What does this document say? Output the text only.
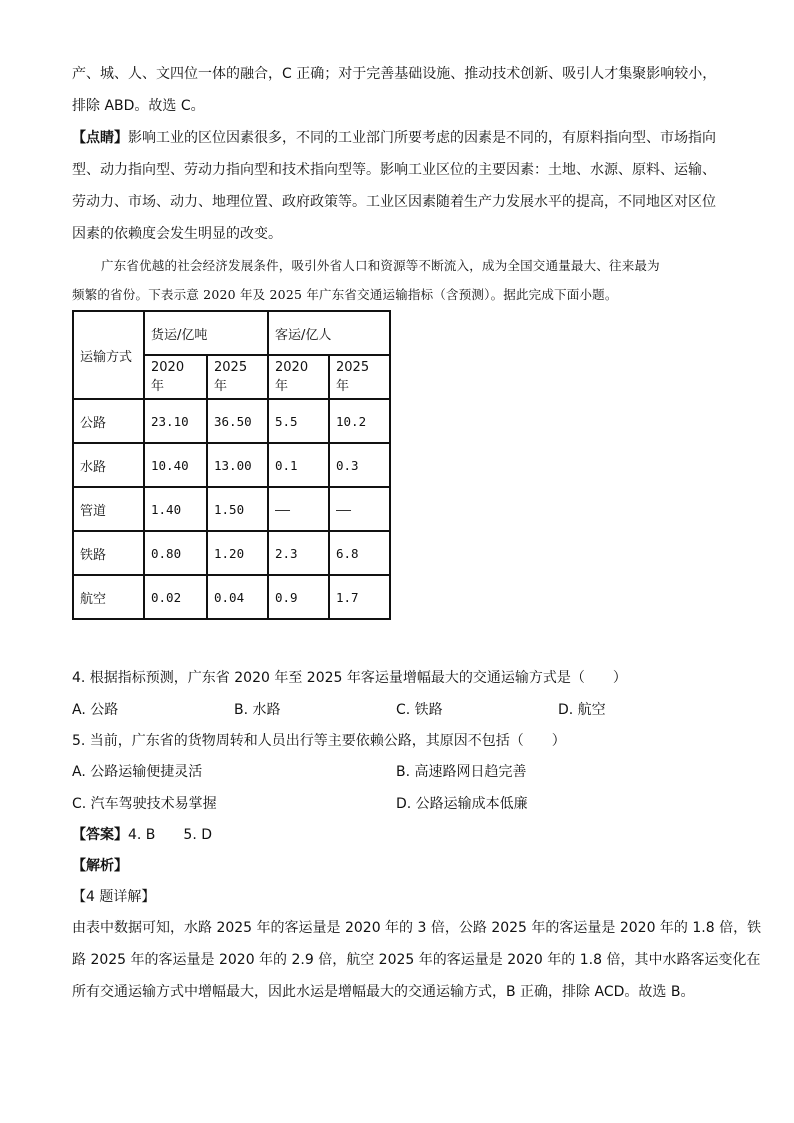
产、城、人、文四位一体的融合，C 正确；对于完善基础设施、推动技术创新、吸引人才集聚影响较小，
排除 ABD。故选 C。
【点睛】影响工业的区位因素很多，不同的工业部门所要考虑的因素是不同的，有原料指向型、市场指向
型、动力指向型、劳动力指向型和技术指向型等。影响工业区位的主要因素：土地、水源、原料、运输、
劳动力、市场、动力、地理位置、政府政策等。工业区因素随着生产力发展水平的提高，不同地区对区位
因素的依赖度会发生明显的改变。
广东省优越的社会经济发展条件，吸引外省人口和资源等不断流入，成为全国交通量最大、往来最为
频繁的省份。下表示意 2020 年及 2025 年广东省交通运输指标（含预测）。据此完成下面小题。
运输方式	货运/亿吨		客运/亿人	
	2020 年	2025 年	2020 年	2025 年
公路	23.10	36.50	5.5	10.2
水路	10.40	13.00	0.1	0.3
管道	1.40	1.50	——	——
铁路	0.80	1.20	2.3	6.8
航空	0.02	0.04	0.9	1.7
4. 根据指标预测，广东省 2020 年至 2025 年客运量增幅最大的交通运输方式是（　　）
A. 公路	B. 水路	C. 铁路	D. 航空
5. 当前，广东省的货物周转和人员出行等主要依赖公路，其原因不包括（　　）
A. 公路运输便捷灵活	B. 高速路网日趋完善
C. 汽车驾驶技术易掌握	D. 公路运输成本低廉
【答案】4. B　　5. D
【解析】
【4 题详解】
由表中数据可知，水路 2025 年的客运量是 2020 年的 3 倍，公路 2025 年的客运量是 2020 年的 1.8 倍，铁
路 2025 年的客运量是 2020 年的 2.9 倍，航空 2025 年的客运量是 2020 年的 1.8 倍，其中水路客运变化在
所有交通运输方式中增幅最大，因此水运是增幅最大的交通运输方式，B 正确，排除 ACD。故选 B。
